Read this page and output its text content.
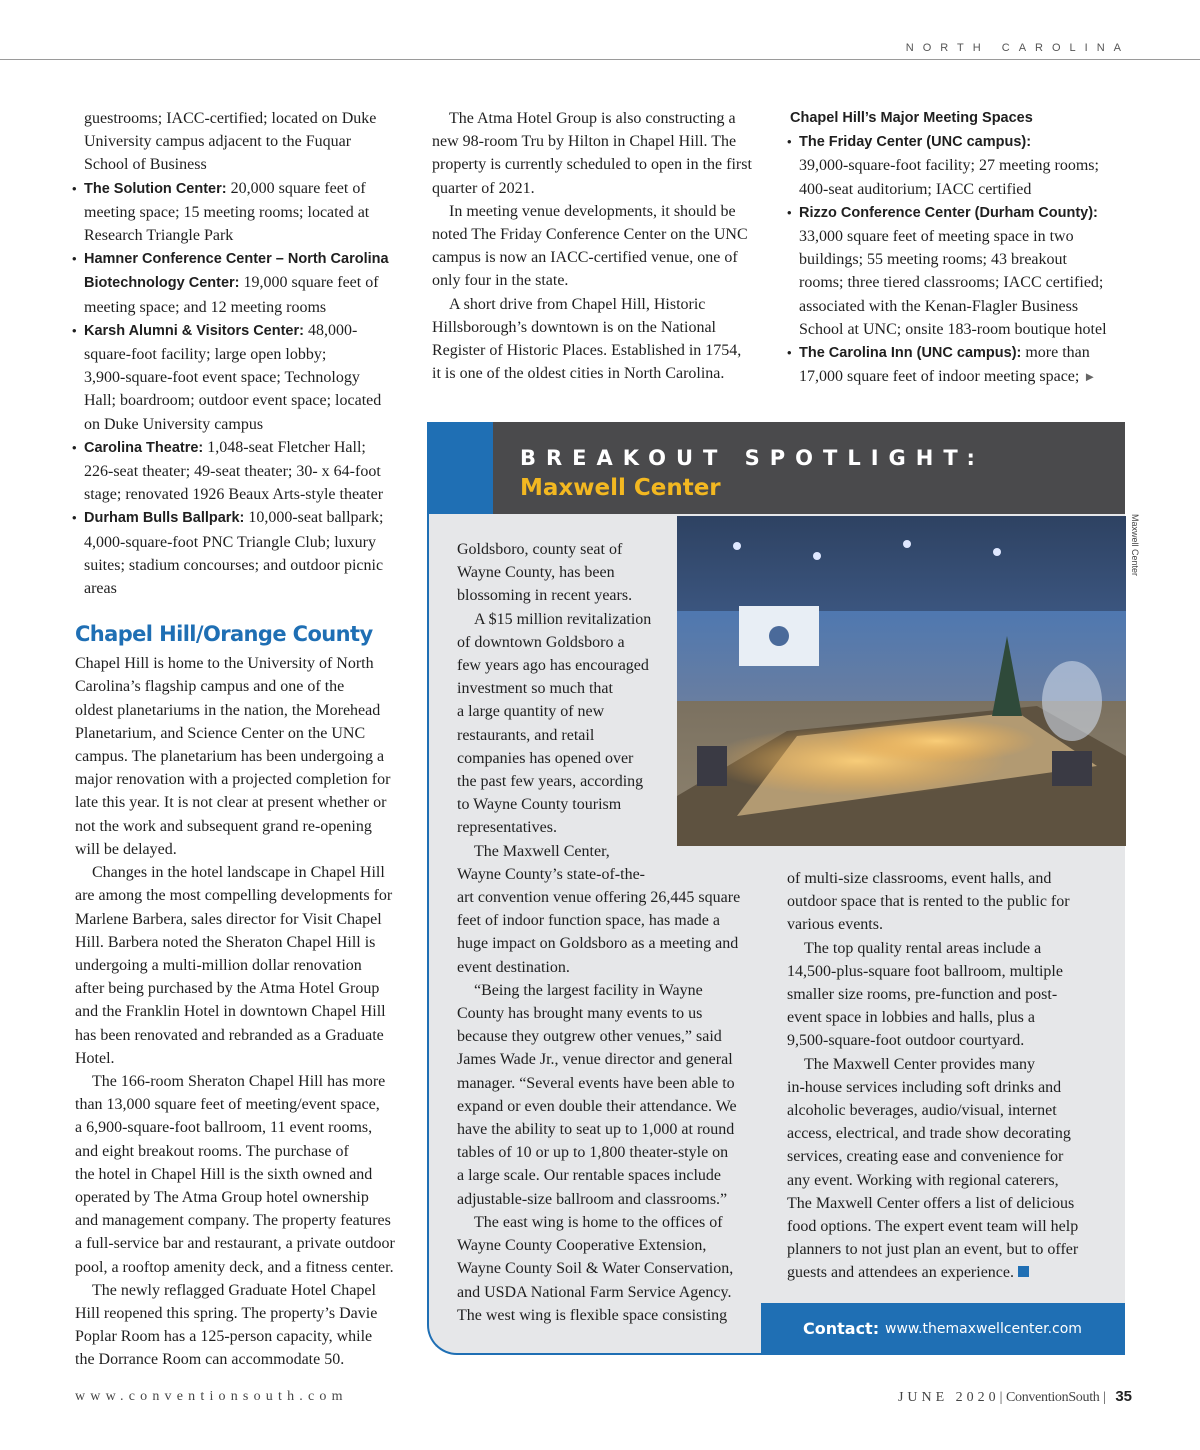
NORTH CAROLINA
guestrooms; IACC-certified; located on Duke
University campus adjacent to the Fuquar
School of Business
• The Solution Center: 20,000 square feet of
meeting space; 15 meeting rooms; located at
Research Triangle Park
• Hamner Conference Center – North Carolina
Biotechnology Center: 19,000 square feet of
meeting space; and 12 meeting rooms
• Karsh Alumni & Visitors Center: 48,000-
square-foot facility; large open lobby;
3,900-square-foot event space; Technology
Hall; boardroom; outdoor event space; located
on Duke University campus
• Carolina Theatre: 1,048-seat Fletcher Hall;
226-seat theater; 49-seat theater; 30- x 64-foot
stage; renovated 1926 Beaux Arts-style theater
• Durham Bulls Ballpark: 10,000-seat ballpark;
4,000-square-foot PNC Triangle Club; luxury
suites; stadium concourses; and outdoor picnic
areas
Chapel Hill/Orange County

Chapel Hill is home to the University of North
Carolina’s flagship campus and one of the
oldest planetariums in the nation, the Morehead
Planetarium, and Science Center on the UNC
campus. The planetarium has been undergoing a
major renovation with a projected completion for
late this year. It is not clear at present whether or
not the work and subsequent grand re-opening
will be delayed.

Changes in the hotel landscape in Chapel Hill
are among the most compelling developments for
Marlene Barbera, sales director for Visit Chapel
Hill. Barbera noted the Sheraton Chapel Hill is
undergoing a multi-million dollar renovation
after being purchased by the Atma Hotel Group
and the Franklin Hotel in downtown Chapel Hill
has been renovated and rebranded as a Graduate
Hotel.

The 166-room Sheraton Chapel Hill has more
than 13,000 square feet of meeting/event space,
a 6,900-square-foot ballroom, 11 event rooms,
and eight breakout rooms. The purchase of
the hotel in Chapel Hill is the sixth owned and
operated by The Atma Group hotel ownership
and management company. The property features
a full-service bar and restaurant, a private outdoor
pool, a rooftop amenity deck, and a fitness center.

The newly reflagged Graduate Hotel Chapel
Hill reopened this spring. The property’s Davie
Poplar Room has a 125-person capacity, while
the Dorrance Room can accommodate 50.

The Atma Hotel Group is also constructing a
new 98-room Tru by Hilton in Chapel Hill. The
property is currently scheduled to open in the first
quarter of 2021.

In meeting venue developments, it should be
noted The Friday Conference Center on the UNC
campus is now an IACC-certified venue, one of
only four in the state.

A short drive from Chapel Hill, Historic
Hillsborough’s downtown is on the National
Register of Historic Places. Established in 1754,
it is one of the oldest cities in North Carolina.

Chapel Hill’s Major Meeting Spaces
• The Friday Center (UNC campus):
39,000-square-foot facility; 27 meeting rooms;
400-seat auditorium; IACC certified
• Rizzo Conference Center (Durham County):
33,000 square feet of meeting space in two
buildings; 55 meeting rooms; 43 breakout
rooms; three tiered classrooms; IACC certified;
associated with the Kenan-Flagler Business
School at UNC; onsite 183-room boutique hotel
• The Carolina Inn (UNC campus): more than
17,000 square feet of indoor meeting space; ►
BREAKOUT SPOTLIGHT:
Maxwell Center
Maxwell Center

Goldsboro, county seat of
Wayne County, has been
blossoming in recent years.

A $15 million revitalization
of downtown Goldsboro a
few years ago has encouraged
investment so much that
a large quantity of new
restaurants, and retail
companies has opened over
the past few years, according
to Wayne County tourism
representatives.

The Maxwell Center,
Wayne County’s state-of-the-
art convention venue offering 26,445 square
feet of indoor function space, has made a
huge impact on Goldsboro as a meeting and
event destination.

“Being the largest facility in Wayne
County has brought many events to us
because they outgrew other venues,” said
James Wade Jr., venue director and general
manager. “Several events have been able to
expand or even double their attendance. We
have the ability to seat up to 1,000 at round
tables of 10 or up to 1,800 theater-style on
a large scale. Our rentable spaces include
adjustable-size ballroom and classrooms.”

The east wing is home to the offices of
Wayne County Cooperative Extension,
Wayne County Soil & Water Conservation,
and USDA National Farm Service Agency.
The west wing is flexible space consisting

of multi-size classrooms, event halls, and
outdoor space that is rented to the public for
various events.

The top quality rental areas include a
14,500-plus-square foot ballroom, multiple
smaller size rooms, pre-function and post-
event space in lobbies and halls, plus a
9,500-square-foot outdoor courtyard.

The Maxwell Center provides many
in-house services including soft drinks and
alcoholic beverages, audio/visual, internet
access, electrical, and trade show decorating
services, creating ease and convenience for
any event. Working with regional caterers,
The Maxwell Center offers a list of delicious
food options. The expert event team will help
planners to not just plan an event, but to offer
guests and attendees an experience.

Contact: www.themaxwellcenter.com
www.conventionsouth.com	JUNE 2020| ConventionSouth | 35
